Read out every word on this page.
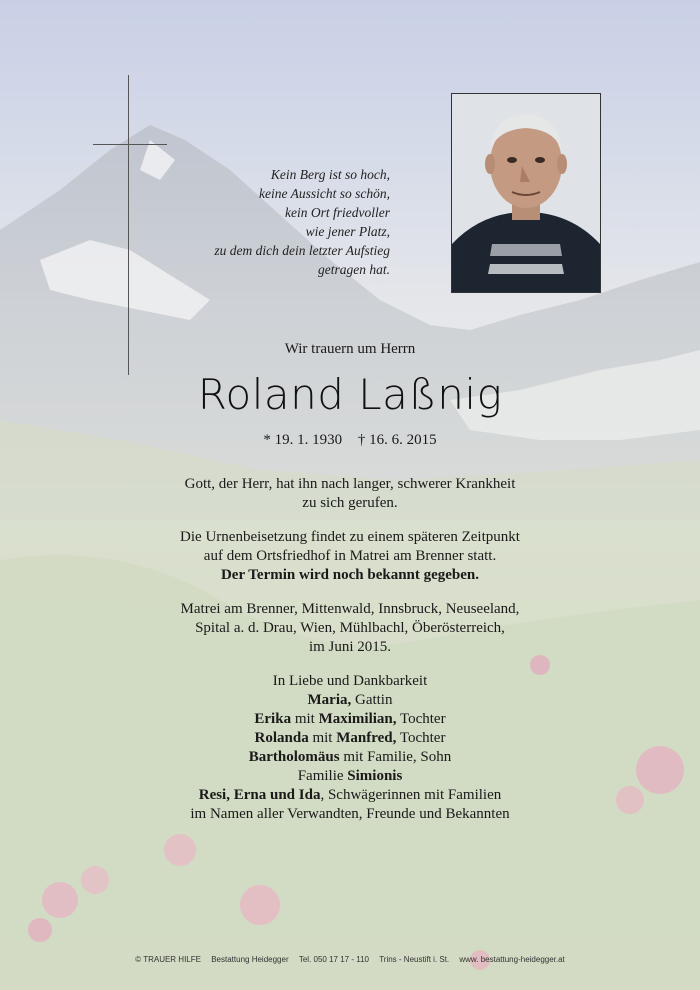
Kein Berg ist so hoch,
keine Aussicht so schön,
kein Ort friedvoller
wie jener Platz,
zu dem dich dein letzter Aufstieg
getragen hat.
Wir trauern um Herrn
Roland Laßnig
* 19. 1. 1930 † 16. 6. 2015

Gott, der Herr, hat ihn nach langer, schwerer Krankheit
zu sich gerufen.

Die Urnenbeisetzung findet zu einem späteren Zeitpunkt
auf dem Ortsfriedhof in Matrei am Brenner statt.
Der Termin wird noch bekannt gegeben.

Matrei am Brenner, Mittenwald, Innsbruck, Neuseeland,
Spital a. d. Drau, Wien, Mühlbachl, Öberösterreich,
im Juni 2015.

In Liebe und Dankbarkeit
Maria, Gattin
Erika mit Maximilian, Tochter
Rolanda mit Manfred, Tochter
Bartholomäus mit Familie, Sohn
Familie Simionis
Resi, Erna und Ida, Schwägerinnen mit Familien
im Namen aller Verwandten, Freunde und Bekannten
© TRAUER HILFE Bestattung Heidegger Tel. 050 17 17 - 110 Trins - Neustift i. St. www. bestattung-heidegger.at
